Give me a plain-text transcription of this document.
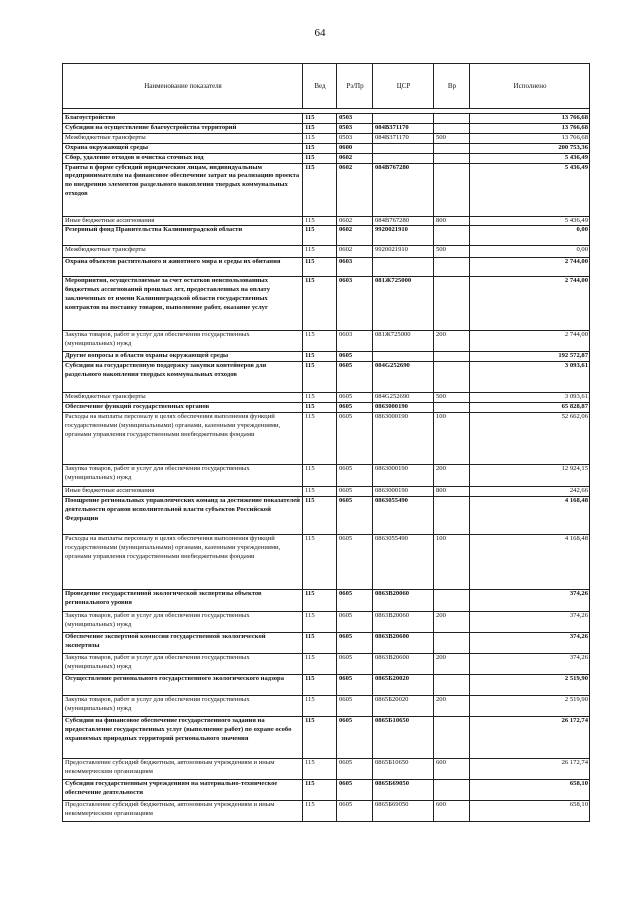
64
Наименование показателя	Вед	Рз/Пр	ЦСР	Вр	Исполнено

Благоустройство	115	0503			13 766,68
Субсидии на осуществление благоустройства территорий	115	0503	084В371170		13 766,68
Межбюджетные трансферты	115	0503	084В371170	500	13 766,68
Охрана окружающей среды	115	0600			200 753,36
Сбор, удаление отходов и очистка сточных вод	115	0602			5 436,49
Гранты в форме субсидий юридическим лицам, индивидуальным предпринимателям на финансовое обеспечение затрат на реализацию проекта по внедрению элементов раздельного накопления твердых коммунальных отходов	115	0602	084В767280		5 436,49
Иные бюджетные ассигнования	115	0602	084В767280	800	5 436,49
Резервный фонд Правительства Калининградской области	115	0602	9920021910		0,00
Межбюджетные трансферты	115	0602	9920021910	500	0,00
Охрана объектов растительного и животного мира и среды их обитания	115	0603			2 744,00
Мероприятия, осуществляемые за счет остатков неиспользованных бюджетных ассигнований прошлых лет, предоставленных на оплату заключенных от имени Калининградской области государственных контрактов на поставку товаров, выполнение работ, оказание услуг	115	0603	081Ж725000		2 744,00
Закупка товаров, работ и услуг для обеспечения государственных (муниципальных) нужд	115	0603	081Ж725000	200	2 744,00
Другие вопросы в области охраны окружающей среды	115	0605			192 572,87
Субсидии на государственную поддержку закупки контейнеров для раздельного накопления твердых коммунальных отходов	115	0605	084G252690		3 093,61
Межбюджетные трансферты	115	0605	084G252690	500	3 093,61
Обеспечение функций государственных органов	115	0605	0863000190		65 828,87
Расходы на выплаты персоналу в целях обеспечения выполнения функций государственными (муниципальными) органами, казенными учреждениями, органами управления государственными внебюджетными фондами	115	0605	0863000190	100	52 662,06
Закупка товаров, работ и услуг для обеспечения государственных (муниципальных) нужд	115	0605	0863000190	200	12 924,15
Иные бюджетные ассигнования	115	0605	0863000190	800	242,66
Поощрение региональных управленческих команд за достижение показателей деятельности органов исполнительной власти субъектов Российской Федерации	115	0605	0863055490		4 168,48
Расходы на выплаты персоналу в целях обеспечения выполнения функций государственными (муниципальными) органами, казенными учреждениями, органами управления государственными внебюджетными фондами	115	0605	0863055490	100	4 168,48
Проведение государственной экологической экспертизы объектов регионального уровня	115	0605	0863В20060		374,26
Закупка товаров, работ и услуг для обеспечения государственных (муниципальных) нужд	115	0605	0863В20060	200	374,26
Обеспечение экспертной комиссии государственной экологической экспертизы	115	0605	0863В20600		374,26
Закупка товаров, работ и услуг для обеспечения государственных (муниципальных) нужд	115	0605	0863В20600	200	374,26
Осуществление регионального государственного экологического надзора	115	0605	0865Б20020		2 519,90
Закупка товаров, работ и услуг для обеспечения государственных (муниципальных) нужд	115	0605	0865Б20020	200	2 519,90
Субсидии на финансовое обеспечение государственного задания на предоставление государственных услуг (выполнение работ) по охране особо охраняемых природных территорий регионального значения	115	0605	0865Б10650		26 172,74
Предоставление субсидий бюджетным, автономным учреждениям и иным некоммерческим организациям	115	0605	0865Б10650	600	26 172,74
Субсидии государственным учреждениям на материально-техническое обеспечение деятельности	115	0605	0865Б69050		658,10
Предоставление субсидий бюджетным, автономным учреждениям и иным некоммерческим организациям	115	0605	0865Б69050	600	658,10
